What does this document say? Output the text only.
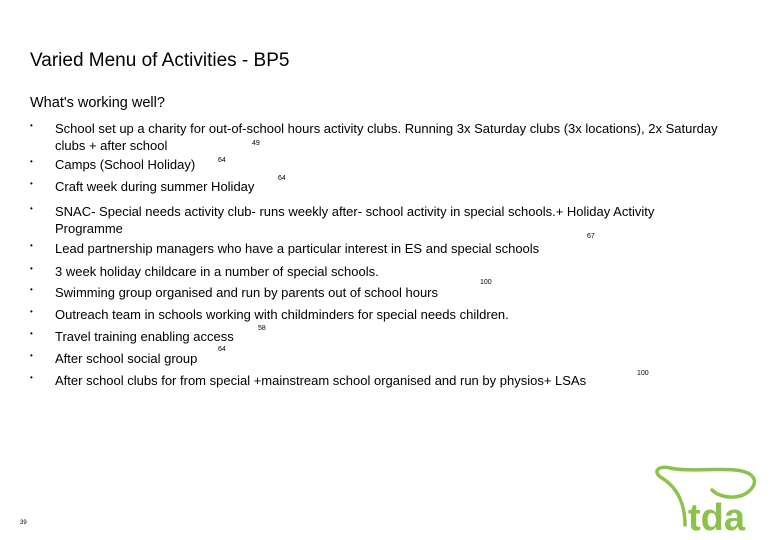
Varied Menu of Activities - BP5
What's working well?
• School set up a charity for out-of-school hours activity clubs. Running 3x Saturday clubs (3x locations), 2x Saturday clubs + after school
• Camps (School Holiday)
• Craft week during summer Holiday
• SNAC- Special needs activity club- runs weekly after- school activity in special schools.+ Holiday Activity Programme
• Lead partnership managers who have a particular interest in ES and special schools
• 3 week holiday childcare in a number of special schools.
• Swimming group organised and run by parents out of school hours
• Outreach team in schools working with childminders for special needs children.
• Travel training enabling access
• After school social group
• After school clubs for from special +mainstream school organised and run by physios+ LSAs
49
64
64
67
100
58
64
100
39	tda
